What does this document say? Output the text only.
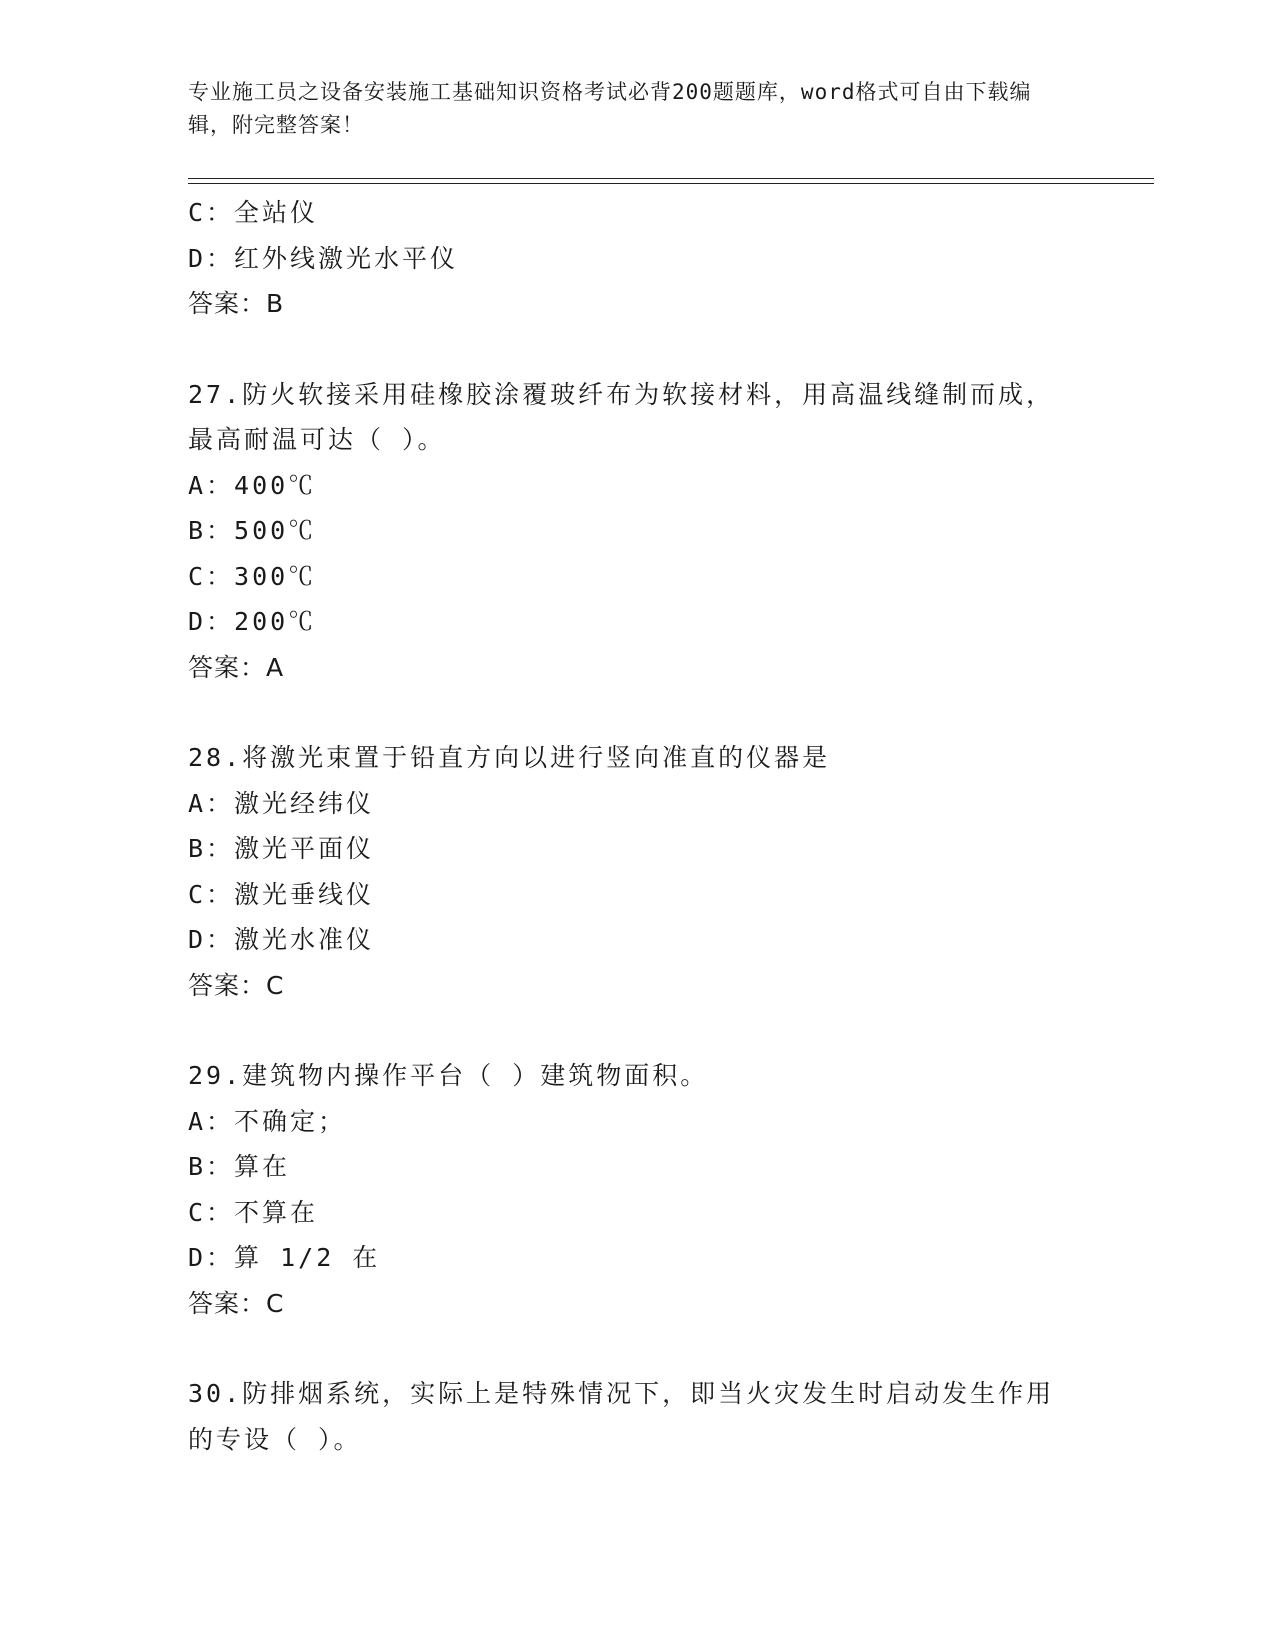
专业施工员之设备安装施工基础知识资格考试必背200题题库，word格式可自由下载编辑，附完整答案！
C：全站仪
D：红外线激光水平仪
答案：B
27.防火软接采用硅橡胶涂覆玻纤布为软接材料，用高温线缝制而成，
最高耐温可达（ ）。
A：400℃
B：500℃
C：300℃
D：200℃
答案：A
28.将激光束置于铅直方向以进行竖向准直的仪器是
A：激光经纬仪
B：激光平面仪
C：激光垂线仪
D：激光水准仪
答案：C
29.建筑物内操作平台（ ）建筑物面积。
A：不确定；
B：算在
C：不算在
D：算 1/2 在
答案：C
30.防排烟系统，实际上是特殊情况下，即当火灾发生时启动发生作用
的专设（ ）。
